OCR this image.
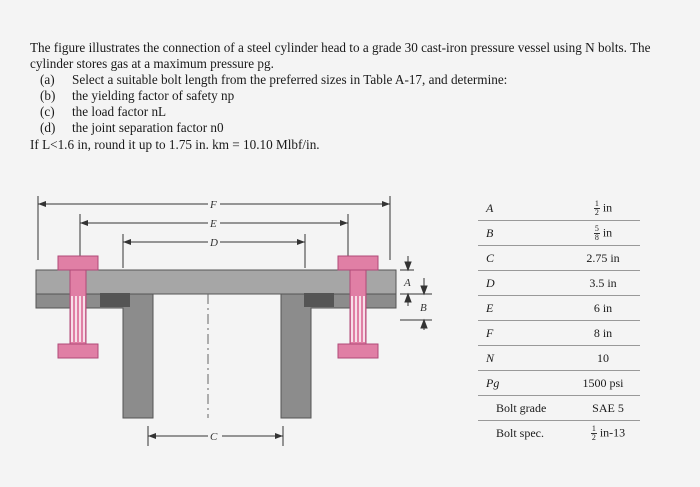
The figure illustrates the connection of a steel cylinder head to a grade 30 cast-iron pressure vessel using N bolts. The cylinder stores gas at a maximum pressure pg.

(a) Select a suitable bolt length from the preferred sizes in Table A-17, and determine:
(b) the yielding factor of safety np
(c) the load factor nL
(d) the joint separation factor n0

If L<1.6 in, round it up to 1.75 in. km = 10.10 Mlbf/in.

F
E
D
C
A
B
A	$\frac{1}{2}$ in
B	$\frac{5}{8}$ in
C	2.75 in
D	3.5 in
E	6 in
F	8 in
N	10
Pg	1500 psi
Bolt grade	SAE 5
Bolt spec.	$\frac{1}{2} in-13$
